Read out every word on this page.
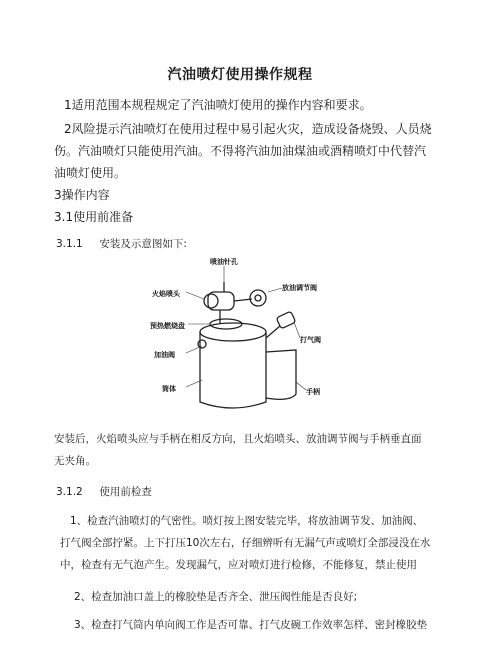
汽油喷灯使用操作规程
1适用范围本规程规定了汽油喷灯使用的操作内容和要求。
2风险提示汽油喷灯在使用过程中易引起火灾，造成设备烧毁、人员烧
伤。汽油喷灯只能使用汽油。不得将汽油加油煤油或酒精喷灯中代替汽
油喷灯使用。
3操作内容
3.1使用前准备
3.1.1 安装及示意图如下:
喷油针孔
火焰喷头
放油调节阀
预热燃烧盘
打气阀
加油阀
筒体	手柄
安装后，火焰喷头应与手柄在相反方向，且火焰喷头、放油调节阀与手柄垂直面
无夹角。
3.1.2 使用前检查
1、检查汽油喷灯的气密性。喷灯按上图安装完毕，将放油调节发、加油阀、
打气阀全部拧紧。上下打压10次左右，仔细辨听有无漏气声或喷灯全部浸没在水
中，检查有无气泡产生。发现漏气，应对喷灯进行检修，不能修复，禁止使用
2、检查加油口盖上的橡胶垫是否齐全、泄压阀性能是否良好;
3、检查打气筒内单向阀工作是否可靠、打气皮碗工作效率怎样、密封橡胶垫
